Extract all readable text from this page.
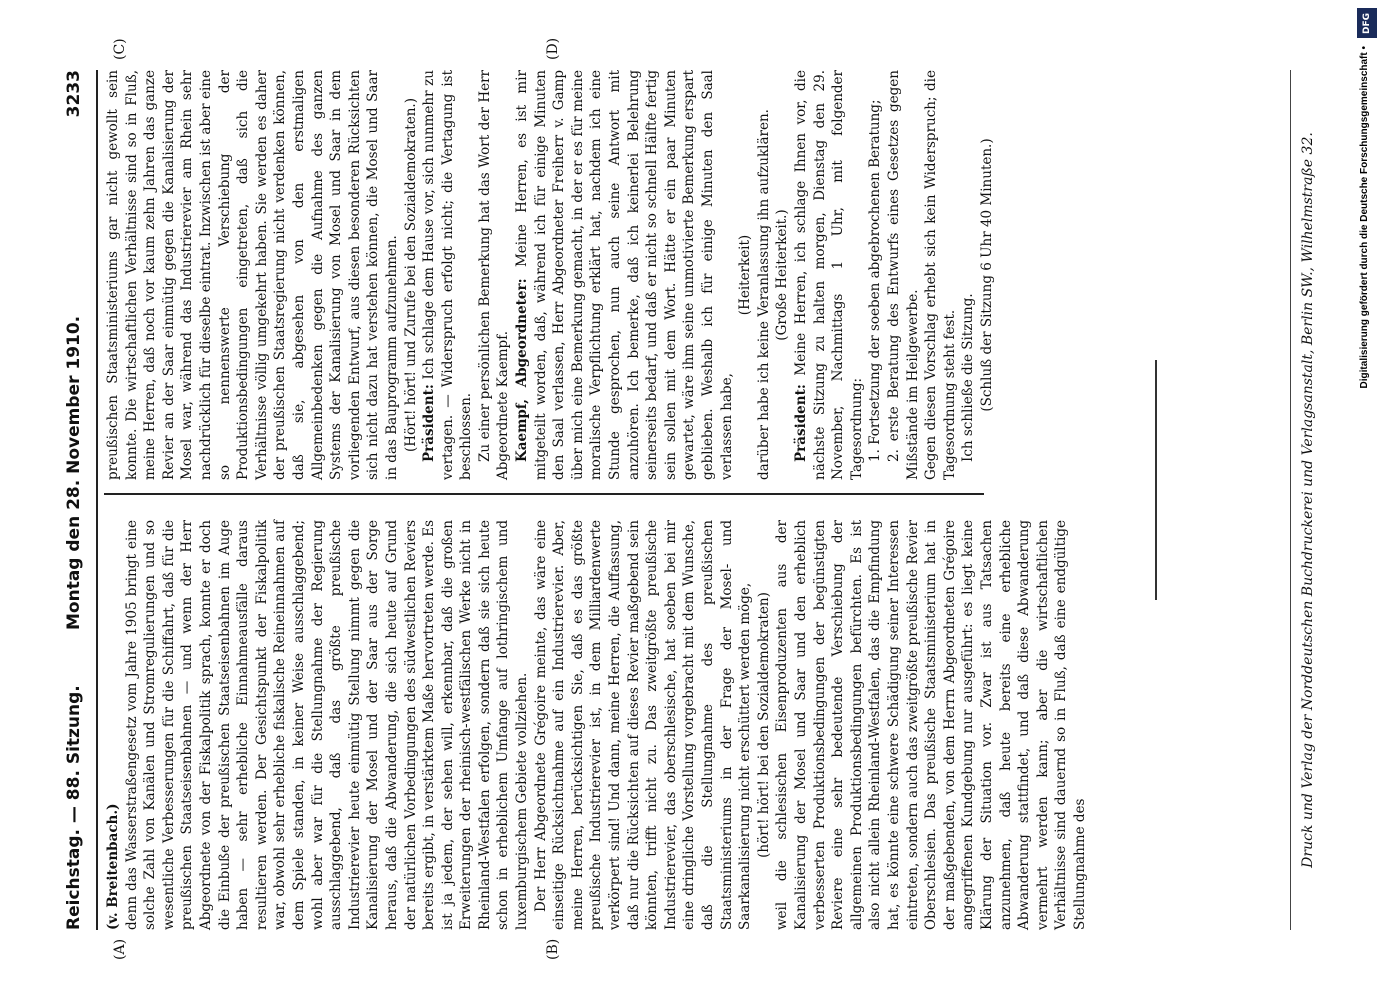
Reichstag. — 88. Sitzung.
Montag den 28. November 1910.
3233
(A)	(B)
(C)	(D)

(v. Breitenbach.) denn das Wasserstraßengesetz vom Jahre 1905 bringt eine solche Zahl von Kanälen und Stromregulierungen und so wesentliche Verbesserungen für die Schiffahrt, daß für die preußischen Staatseisenbahnen — und wenn der Herr Abgeordnete von der Fiskalpolitik sprach, konnte er doch die Einbuße der preußischen Staatseisenbahnen im Auge haben — sehr erhebliche Einnahmeausfälle daraus resultieren werden. Der Gesichtspunkt der Fiskalpolitik war, obwohl sehr erhebliche fiskalische Reineinnahmen auf dem Spiele standen, in keiner Weise ausschlaggebend; wohl aber war für die Stellungnahme der Regierung ausschlaggebend, daß das größte preußische Industrierevier heute einmütig Stellung nimmt gegen die Kanalisierung der Mosel und der Saar aus der Sorge heraus, daß die Abwanderung, die sich heute auf Grund der natürlichen Vorbedingungen des südwestlichen Reviers bereits ergibt, in verstärktem Maße hervortreten werde. Es ist ja jedem, der sehen will, erkennbar, daß die großen Erweiterungen der rheinisch-westfälischen Werke nicht in Rheinland-Westfalen erfolgen, sondern daß sie sich heute schon in erheblichem Umfange auf lothringischem und luxemburgischem Gebiete vollziehen. Der Herr Abgeordnete Grégoire meinte, das wäre eine einseitige Rücksichtnahme auf ein Industrierevier. Aber, meine Herren, berücksichtigen Sie, daß es das größte preußische Industrierevier ist, in dem Milliardenwerte verkörpert sind! Und dann, meine Herren, die Auffassung, daß nur die Rücksichten auf dieses Revier maßgebend sein könnten, trifft nicht zu. Das zweitgrößte preußische Industrierevier, das oberschlesische, hat soeben bei mir eine dringliche Vorstellung vorgebracht mit dem Wunsche, daß die Stellungnahme des preußischen Staatsministeriums in der Frage der Mosel- und Saarkanalisierung nicht erschüttert werden möge, (hört! hört! bei den Sozialdemokraten) weil die schlesischen Eisenproduzenten aus der Kanalisierung der Mosel und Saar und den erheblich verbesserten Produktionsbedingungen der begünstigten Reviere eine sehr bedeutende Verschiebung der allgemeinen Produktionsbedingungen befürchten. Es ist also nicht allein Rheinland-Westfalen, das die Empfindung hat, es könnte eine schwere Schädigung seiner Interessen eintreten, sondern auch das zweitgrößte preußische Revier Oberschlesien. Das preußische Staatsministerium hat in der maßgebenden, von dem Herrn Abgeordneten Grégoire angegriffenen Kundgebung nur ausgeführt: es liegt keine Klärung der Situation vor. Zwar ist aus Tatsachen anzunehmen, daß heute bereits eine erhebliche Abwanderung stattfindet, und daß diese Abwanderung vermehrt werden kann; aber die wirtschaftlichen Verhältnisse sind dauernd so in Fluß, daß eine endgültige Stellungnahme des

preußischen Staatsministeriums gar nicht gewollt sein konnte. Die wirtschaftlichen Verhältnisse sind so in Fluß, meine Herren, daß noch vor kaum zehn Jahren das ganze Revier an der Saar einmütig gegen die Kanalisierung der Mosel war, während das Industrierevier am Rhein sehr nachdrücklich für dieselbe eintrat. Inzwischen ist aber eine so nennenswerte Verschiebung der Produktionsbedingungen eingetreten, daß sich die Verhältnisse völlig umgekehrt haben. Sie werden es daher der preußischen Staatsregierung nicht verdenken können, daß sie, abgesehen von den erstmaligen Allgemeinbedenken gegen die Aufnahme des ganzen Systems der Kanalisierung von Mosel und Saar in dem vorliegenden Entwurf, aus diesen besonderen Rücksichten sich nicht dazu hat verstehen können, die Mosel und Saar in das Bauprogramm aufzunehmen. (Hört! hört! und Zurufe bei den Sozialdemokraten.) Präsident: Ich schlage dem Hause vor, sich nunmehr zu vertagen. — Widerspruch erfolgt nicht; die Vertagung ist beschlossen. Zu einer persönlichen Bemerkung hat das Wort der Herr Abgeordnete Kaempf. Kaempf, Abgeordneter: Meine Herren, es ist mir mitgeteilt worden, daß, während ich für einige Minuten den Saal verlassen, Herr Abgeordneter Freiherr v. Gamp über mich eine Bemerkung gemacht, in der er es für meine moralische Verpflichtung erklärt hat, nachdem ich eine Stunde gesprochen, nun auch seine Antwort mit anzuhören. Ich bemerke, daß ich keinerlei Belehrung seinerseits bedarf, und daß er nicht so schnell Hälfte fertig sein sollen mit dem Wort. Hätte er ein paar Minuten gewartet, wäre ihm seine unmotivierte Bemerkung erspart geblieben. Weshalb ich für einige Minuten den Saal verlassen habe,

(Heiterkeit) darüber habe ich keine Veranlassung ihn aufzuklären. (Große Heiterkeit.)

Präsident: Meine Herren, ich schlage Ihnen vor, die nächste Sitzung zu halten morgen, Dienstag den 29. November, Nachmittags 1 Uhr, mit folgender Tagesordnung: 1. Fortsetzung der soeben abgebrochenen Beratung; 2. erste Beratung des Entwurfs eines Gesetzes gegen Mißstände im Heilgewerbe. Gegen diesen Vorschlag erhebt sich kein Widerspruch; die Tagesordnung steht fest. Ich schließe die Sitzung. (Schluß der Sitzung 6 Uhr 40 Minuten.)	Druck und Verlag der Norddeutschen Buchdruckerei und Verlagsanstalt, Berlin SW., Wilhelmstraße 32.
DFG
Digitalisierung gefördert durch die Deutsche Forschungsgemeinschaft •
